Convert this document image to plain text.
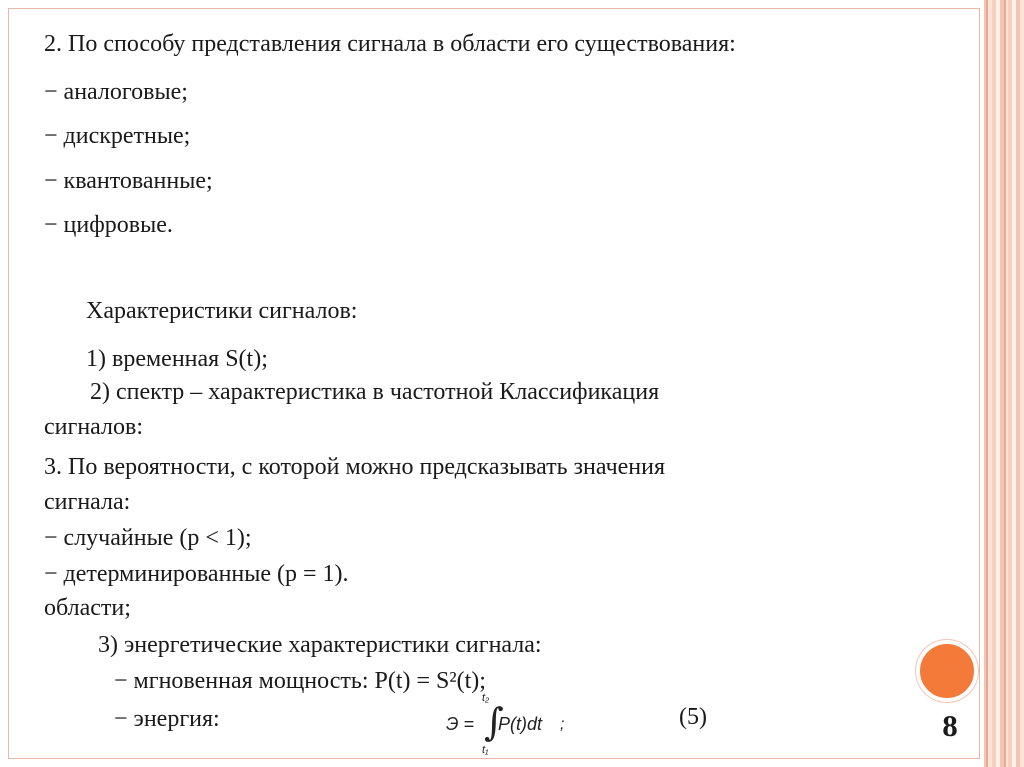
2. По способу представления сигнала в области его существования:
− аналоговые;
− дискретные;
− квантованные;
− цифровые.
Характеристики сигналов:
1) временная S(t);
2) спектр – характеристика в частотной Классификация
сигналов:
3. По вероятности, с которой можно предсказывать значения
сигнала:
− случайные (p < 1);
− детерминированные (p = 1).
области;
3) энергетические характеристики сигнала:
− мгновенная мощность: P(t) = S²(t);
− энергия:	Э =
t₂
∫
t₁
P(t)dt ;	(5)	8
